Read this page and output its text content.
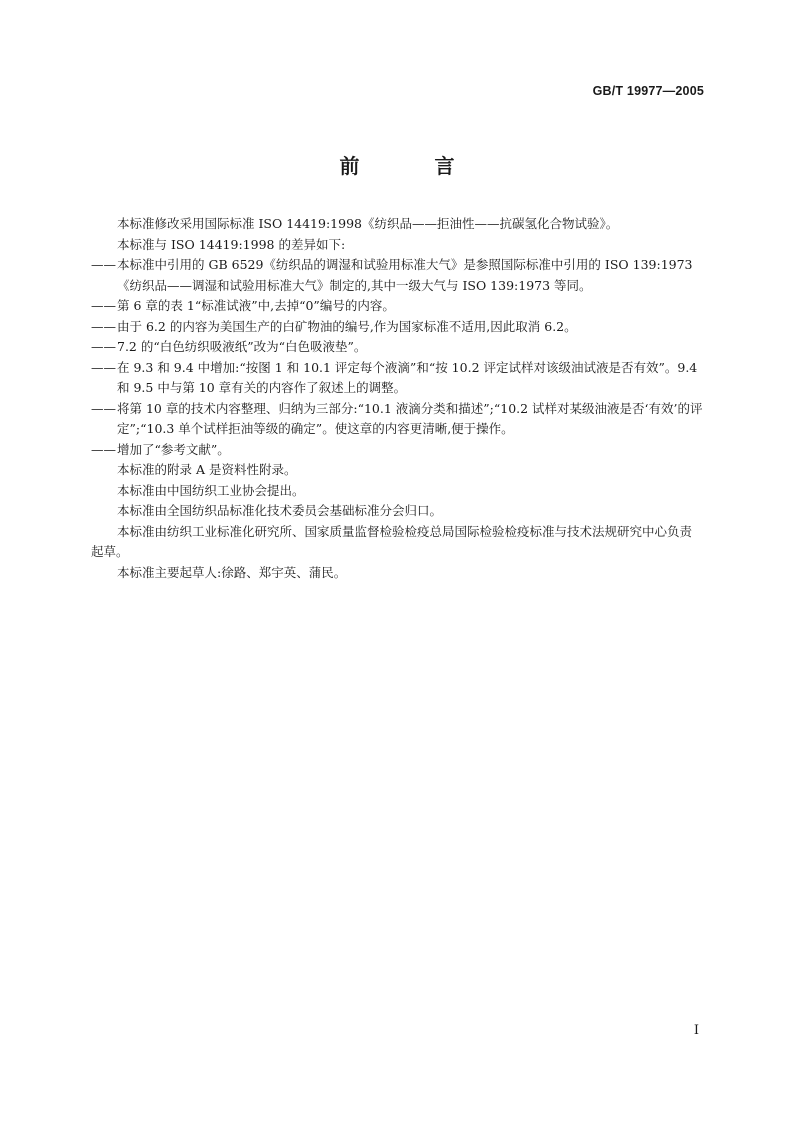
GB/T 19977—2005
前 言

本标准修改采用国际标准 ISO 14419:1998《纺织品——拒油性——抗碳氢化合物试验》。

本标准与 ISO 14419:1998 的差异如下:

—— 本标准中引用的 GB 6529《纺织品的调湿和试验用标准大气》是参照国际标准中引用的 ISO 139:1973《纺织品——调湿和试验用标准大气》制定的,其中一级大气与 ISO 139:1973 等同。

—— 第 6 章的表 1“标准试液”中,去掉“0”编号的内容。

—— 由于 6.2 的内容为美国生产的白矿物油的编号,作为国家标准不适用,因此取消 6.2。

—— 7.2 的“白色纺织吸液纸”改为“白色吸液垫”。

—— 在 9.3 和 9.4 中增加:“按图 1 和 10.1 评定每个液滴”和“按 10.2 评定试样对该级油试液是否有效”。9.4 和 9.5 中与第 10 章有关的内容作了叙述上的调整。

—— 将第 10 章的技术内容整理、归纳为三部分:“10.1 液滴分类和描述”;“10.2 试样对某级油液是否‘有效’的评定”;“10.3 单个试样拒油等级的确定”。使这章的内容更清晰,便于操作。

—— 增加了“参考文献”。

本标准的附录 A 是资料性附录。

本标准由中国纺织工业协会提出。

本标准由全国纺织品标准化技术委员会基础标准分会归口。

本标准由纺织工业标准化研究所、国家质量监督检验检疫总局国际检验检疫标准与技术法规研究中心负责起草。

本标准主要起草人:徐路、郑宇英、蒲民。

I
